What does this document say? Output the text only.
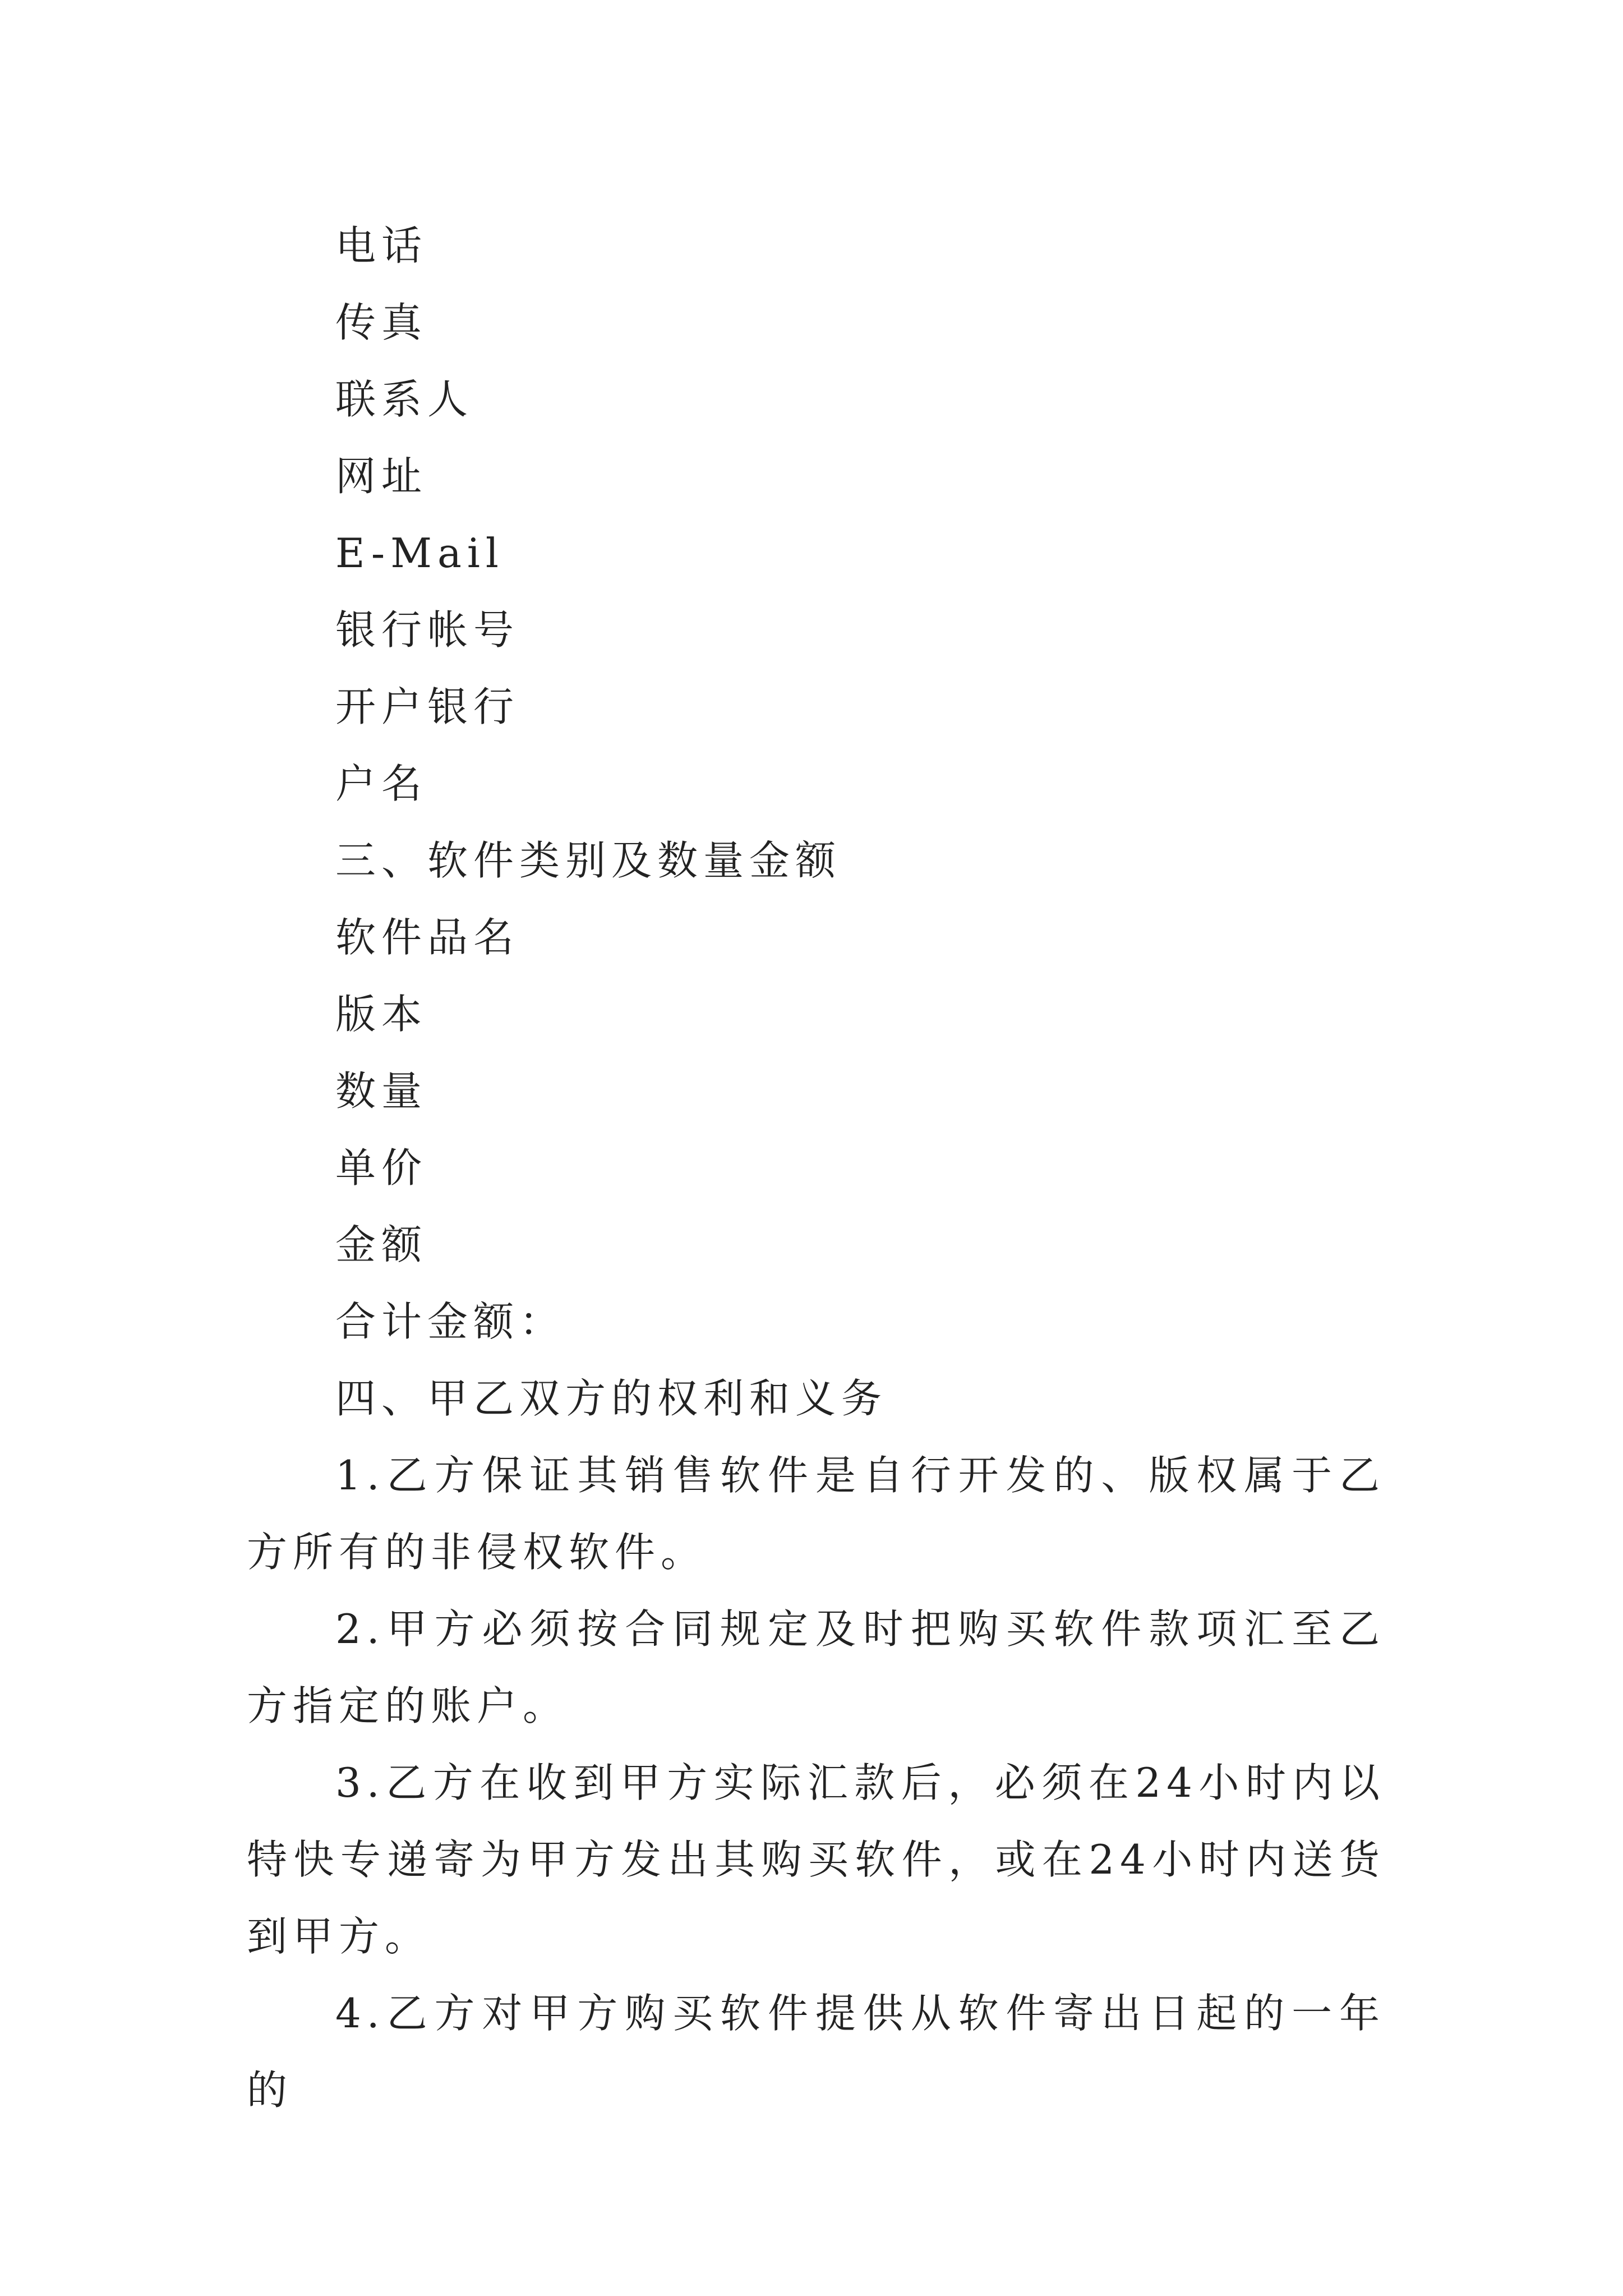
电话

传真

联系人

网址

E-Mail

银行帐号

开户银行

户名

三、软件类别及数量金额

软件品名

版本

数量

单价

金额

合计金额：

四、甲乙双方的权利和义务

1.乙方保证其销售软件是自行开发的、版权属于乙方所有的非侵权软件。

2.甲方必须按合同规定及时把购买软件款项汇至乙方指定的账户。

3.乙方在收到甲方实际汇款后，必须在24小时内以特快专递寄为甲方发出其购买软件，或在24小时内送货到甲方。

4.乙方对甲方购买软件提供从软件寄出日起的一年的
